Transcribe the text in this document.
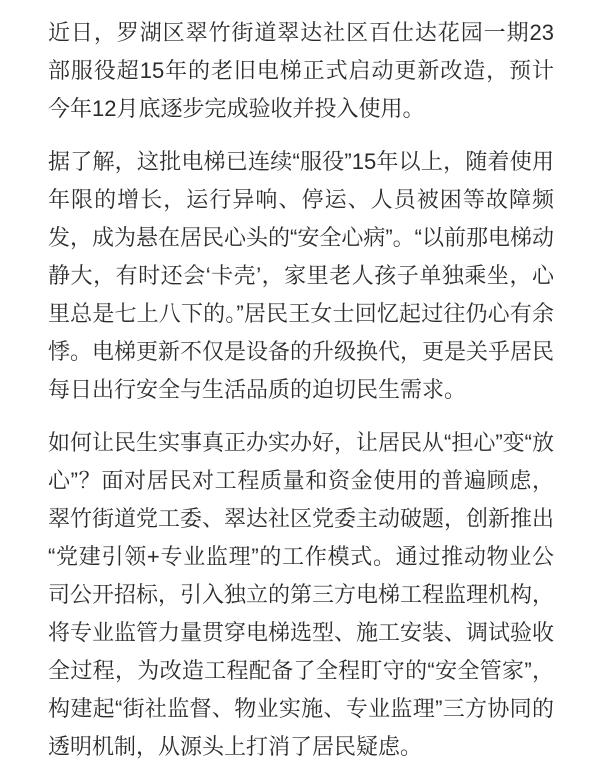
近日，罗湖区翠竹街道翠达社区百仕达花园一期23部服役超15年的老旧电梯正式启动更新改造，预计今年12月底逐步完成验收并投入使用。

据了解，这批电梯已连续“服役”15年以上，随着使用年限的增长，运行异响、停运、人员被困等故障频发，成为悬在居民心头的“安全心病”。“以前那电梯动静大，有时还会‘卡壳’，家里老人孩子单独乘坐，心里总是七上八下的。”居民王女士回忆起过往仍心有余悸。电梯更新不仅是设备的升级换代，更是关乎居民每日出行安全与生活品质的迫切民生需求。

如何让民生实事真正办实办好，让居民从“担心”变“放心”？面对居民对工程质量和资金使用的普遍顾虑，翠竹街道党工委、翠达社区党委主动破题，创新推出“党建引领+专业监理”的工作模式。通过推动物业公司公开招标，引入独立的第三方电梯工程监理机构，将专业监管力量贯穿电梯选型、施工安装、调试验收全过程，为改造工程配备了全程盯守的“安全管家”，构建起“街社监督、物业实施、专业监理”三方协同的透明机制，从源头上打消了居民疑虑。
